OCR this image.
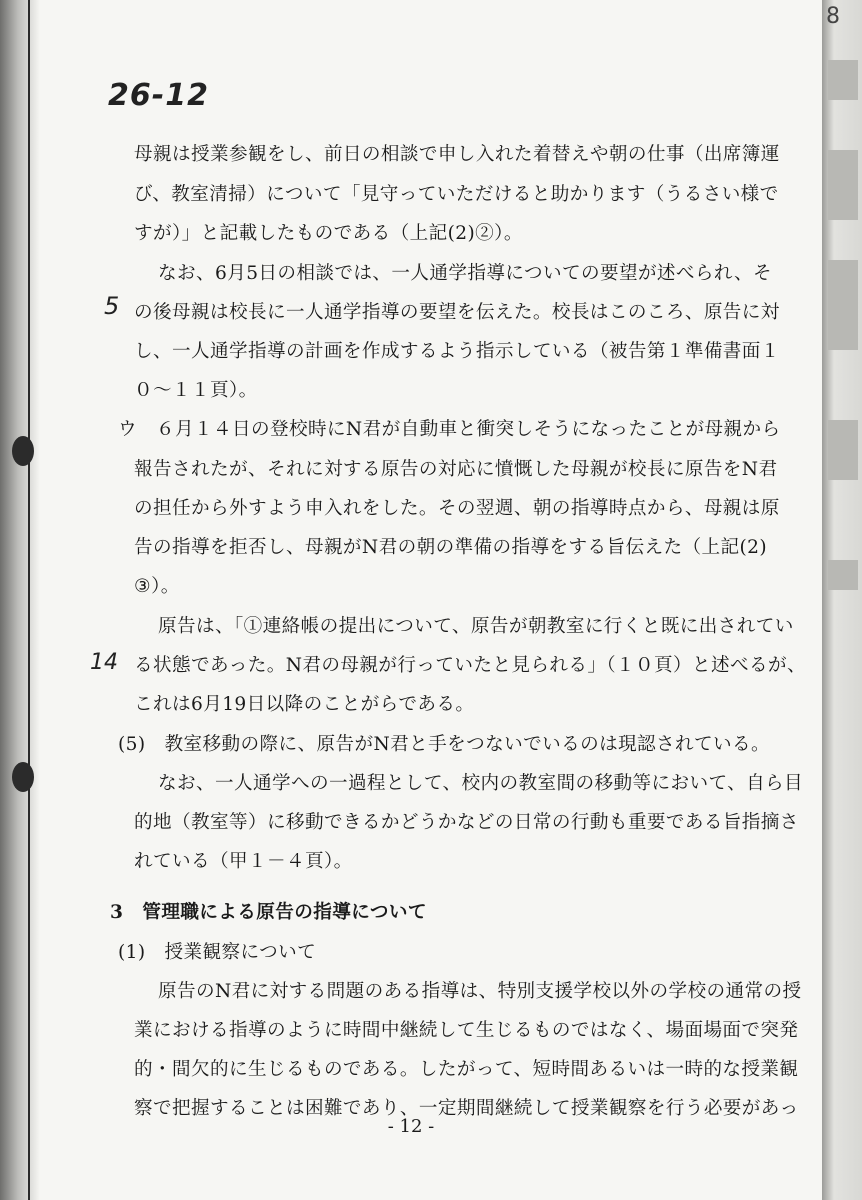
26-12
5
14
母親は授業参観をし、前日の相談で申し入れた着替えや朝の仕事（出席簿運
び、教室清掃）について「見守っていただけると助かります（うるさい様で
すが）」と記載したものである（上記(2)②）。
なお、6月5日の相談では、一人通学指導についての要望が述べられ、そ
の後母親は校長に一人通学指導の要望を伝えた。校長はこのころ、原告に対
し、一人通学指導の計画を作成するよう指示している（被告第１準備書面１
０～１１頁）。
ウ　６月１４日の登校時にN君が自動車と衝突しそうになったことが母親から
報告されたが、それに対する原告の対応に憤慨した母親が校長に原告をN君
の担任から外すよう申入れをした。その翌週、朝の指導時点から、母親は原
告の指導を拒否し、母親がN君の朝の準備の指導をする旨伝えた（上記(2)
③）。
原告は、「①連絡帳の提出について、原告が朝教室に行くと既に出されてい
る状態であった。N君の母親が行っていたと見られる」（１０頁）と述べるが、
これは6月19日以降のことがらである。
(5)　教室移動の際に、原告がN君と手をつないでいるのは現認されている。
なお、一人通学への一過程として、校内の教室間の移動等において、自ら目
的地（教室等）に移動できるかどうかなどの日常の行動も重要である旨指摘さ
れている（甲１－４頁）。
3　管理職による原告の指導について
(1)　授業観察について
原告のN君に対する問題のある指導は、特別支援学校以外の学校の通常の授
業における指導のように時間中継続して生じるものではなく、場面場面で突発
的・間欠的に生じるものである。したがって、短時間あるいは一時的な授業観
察で把握することは困難であり、一定期間継続して授業観察を行う必要があっ
- 12 -
8
